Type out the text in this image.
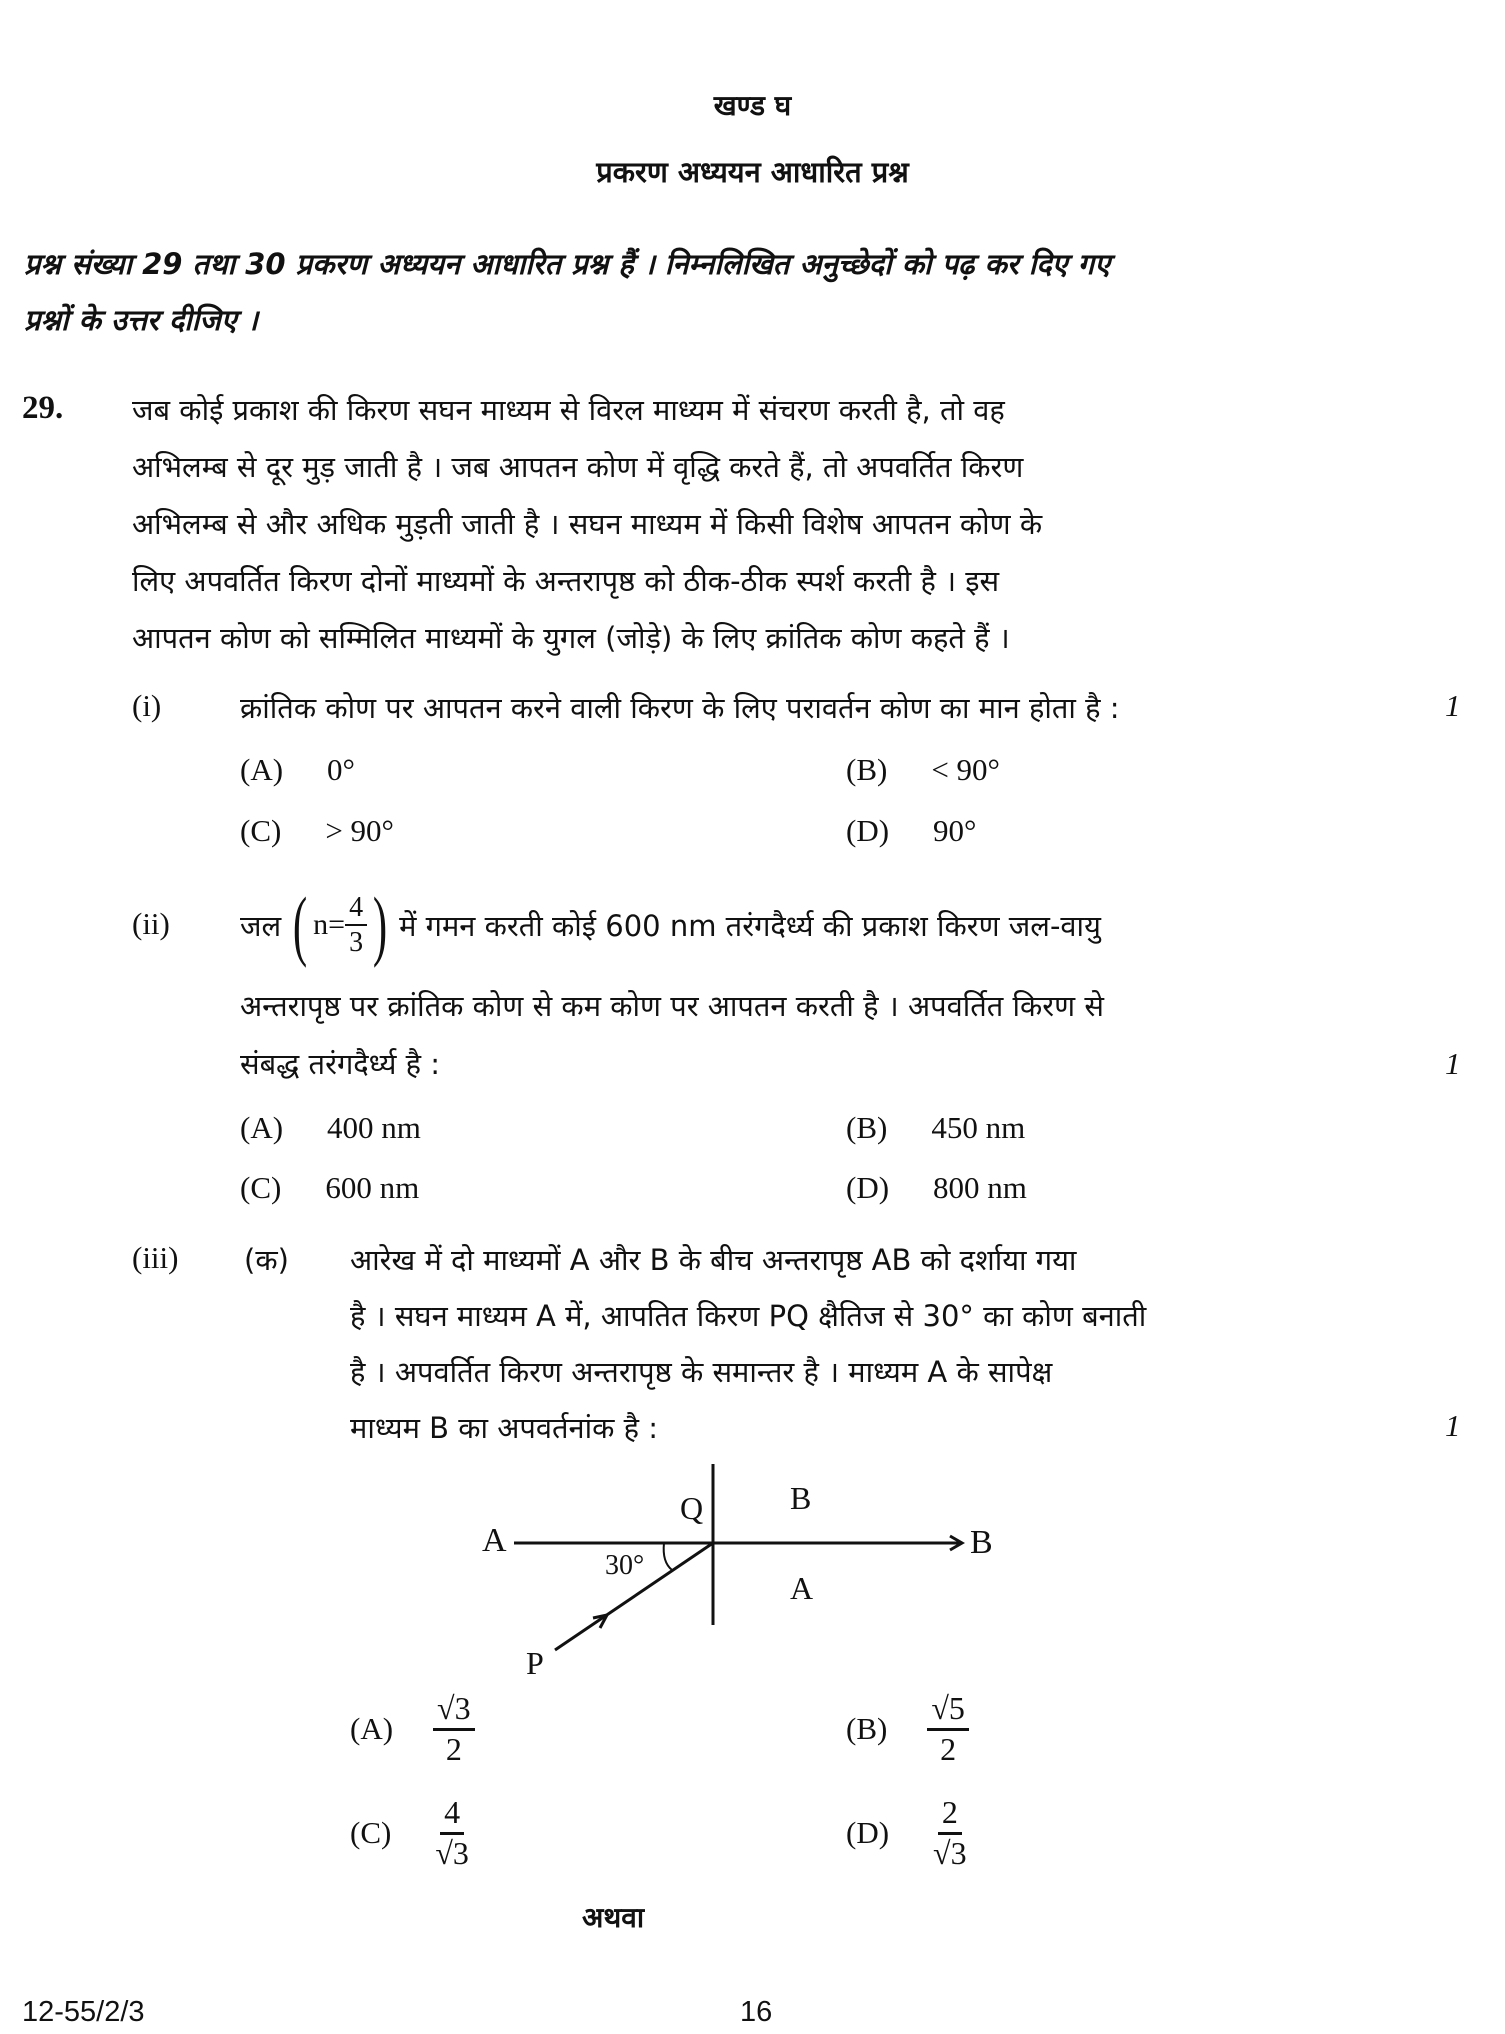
खण्ड घ
प्रकरण अध्ययन आधारित प्रश्न
प्रश्न संख्या 29 तथा 30 प्रकरण अध्ययन आधारित प्रश्न हैं । निम्नलिखित अनुच्छेदों को पढ़ कर दिए गए
प्रश्नों के उत्तर दीजिए ।
29. जब कोई प्रकाश की किरण सघन माध्यम से विरल माध्यम में संचरण करती है, तो वह
अभिलम्ब से दूर मुड़ जाती है । जब आपतन कोण में वृद्धि करते हैं, तो अपवर्तित किरण
अभिलम्ब से और अधिक मुड़ती जाती है । सघन माध्यम में किसी विशेष आपतन कोण के
लिए अपवर्तित किरण दोनों माध्यमों के अन्तरापृष्ठ को ठीक-ठीक स्पर्श करती है । इस
आपतन कोण को सम्मिलित माध्यमों के युगल (जोड़े) के लिए क्रांतिक कोण कहते हैं ।
(i)	क्रांतिक कोण पर आपतन करने वाली किरण के लिए परावर्तन कोण का मान होता है :	1
(A) 0°	(B) < 90°
(C) > 90°	(D) 90°
(ii) जल ( $n= \frac{4}{3}$ ) में गमन करती कोई 600 nm तरंगदैर्ध्य की प्रकाश किरण जल-वायु
अन्तरापृष्ठ पर क्रांतिक कोण से कम कोण पर आपतन करती है । अपवर्तित किरण से
संबद्ध तरंगदैर्ध्य है :	1
(A) 400 nm	(B) 450 nm
(C) 600 nm	(D) 800 nm
(iii) (क) आरेख में दो माध्यमों A और B के बीच अन्तरापृष्ठ AB को दर्शाया गया
है । सघन माध्यम A में, आपतित किरण PQ क्षैतिज से 30° का कोण बनाती
है । अपवर्तित किरण अन्तरापृष्ठ के समान्तर है । माध्यम A के सापेक्ष
माध्यम B का अपवर्तनांक है :	1
A	B
Q
P
B
A
30°
$(A) \frac{√3}{2}$	$(B) \frac{√5}{2}$
$(C) \frac{4}{√3}$	$(D) \frac{2}{√3}$
अथवा
12-55/2/3	16
